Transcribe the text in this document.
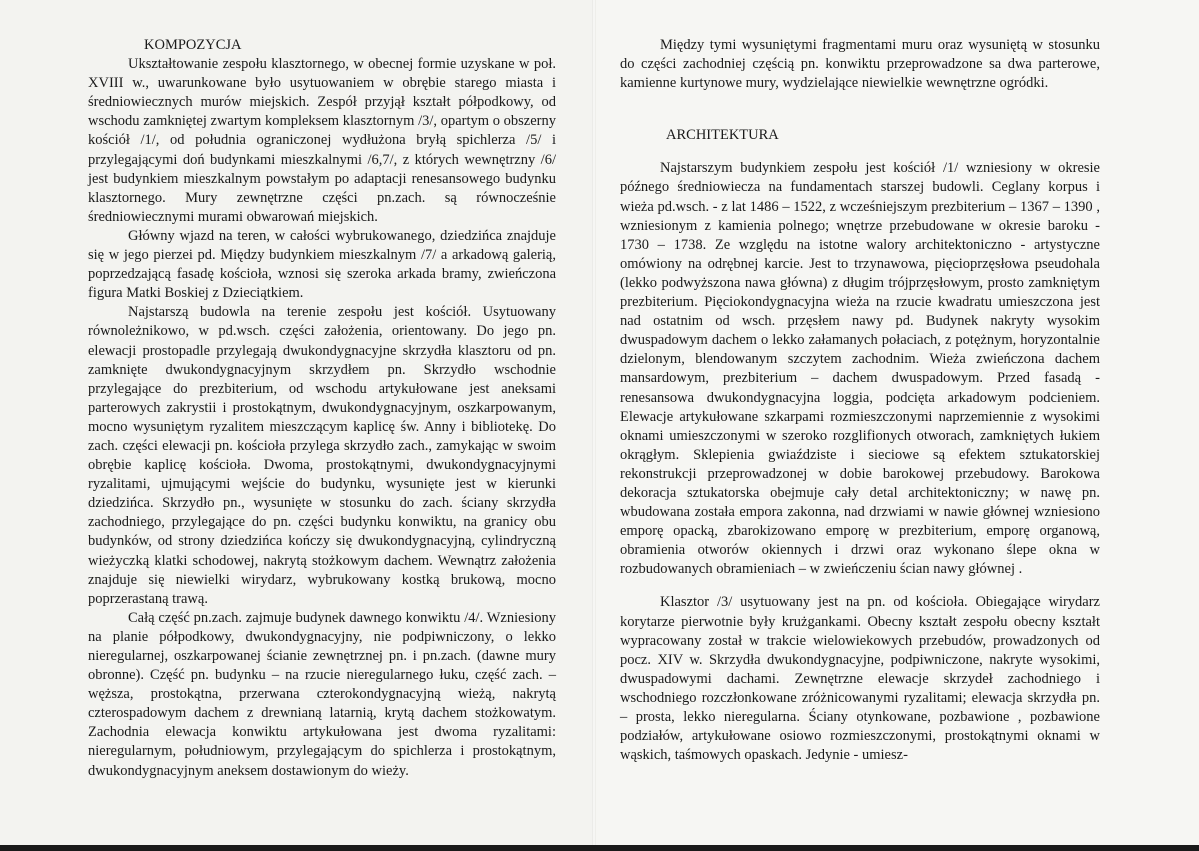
KOMPOZYCJA

Ukształtowanie zespołu klasztornego, w obecnej formie uzyskane w poł. XVIII w., uwarunkowane było usytuowaniem w obrębie starego miasta i średniowiecznych murów miejskich. Zespół przyjął kształt półpodkowy, od wschodu zamkniętej zwartym kompleksem klasztornym /3/, opartym o obszerny kościół /1/, od południa ograniczonej wydłużona bryłą spichlerza /5/ i przylegającymi doń budynkami mieszkalnymi /6,7/, z których wewnętrzny /6/ jest budynkiem mieszkalnym powstałym po adaptacji renesansowego budynku klasztornego. Mury zewnętrzne części pn.zach. są równocześnie średniowiecznymi murami obwarowań miejskich.

Główny wjazd na teren, w całości wybrukowanego, dziedzińca znajduje się w jego pierzei pd. Między budynkiem mieszkalnym /7/ a arkadową galerią, poprzedzającą fasadę kościoła, wznosi się szeroka arkada bramy, zwieńczona figura Matki Boskiej z Dzieciątkiem.

Najstarszą budowla na terenie zespołu jest kościół. Usytuowany równoleżnikowo, w pd.wsch. części założenia, orientowany. Do jego pn. elewacji prostopadle przylegają dwukondygnacyjne skrzydła klasztoru od pn. zamknięte dwukondygnacyjnym skrzydłem pn. Skrzydło wschodnie przylegające do prezbiterium, od wschodu artykułowane jest aneksami parterowych zakrystii i prostokątnym, dwukondygnacyjnym, oszkarpowanym, mocno wysuniętym ryzalitem mieszczącym kaplicę św. Anny i bibliotekę. Do zach. części elewacji pn. kościoła przylega skrzydło zach., zamykając w swoim obrębie kaplicę kościoła. Dwoma, prostokątnymi, dwukondygnacyjnymi ryzalitami, ujmującymi wejście do budynku, wysunięte jest w kierunki dziedzińca. Skrzydło pn., wysunięte w stosunku do zach. ściany skrzydła zachodniego, przylegające do pn. części budynku konwiktu, na granicy obu budynków, od strony dziedzińca kończy się dwukondygnacyjną, cylindryczną wieżyczką klatki schodowej, nakrytą stożkowym dachem. Wewnątrz założenia znajduje się niewielki wirydarz, wybrukowany kostką brukową, mocno poprzerastaną trawą.

Całą część pn.zach. zajmuje budynek dawnego konwiktu /4/. Wzniesiony na planie półpodkowy, dwukondygnacyjny, nie podpiwniczony, o lekko nieregularnej, oszkarpowanej ścianie zewnętrznej pn. i pn.zach. (dawne mury obronne). Część pn. budynku – na rzucie nieregularnego łuku, część zach. – węższa, prostokątna, przerwana czterokondygnacyjną wieżą, nakrytą czterospadowym dachem z drewnianą latarnią, krytą dachem stożkowatym. Zachodnia elewacja konwiktu artykułowana jest dwoma ryzalitami: nieregularnym, południowym, przylegającym do spichlerza i prostokątnym, dwukondygnacyjnym aneksem dostawionym do wieży.

Między tymi wysuniętymi fragmentami muru oraz wysuniętą w stosunku do części zachodniej częścią pn. konwiktu przeprowadzone sa dwa parterowe, kamienne kurtynowe mury, wydzielające niewielkie wewnętrzne ogródki.

ARCHITEKTURA

Najstarszym budynkiem zespołu jest kościół /1/ wzniesiony w okresie późnego średniowiecza na fundamentach starszej budowli. Ceglany korpus i wieża pd.wsch. - z lat 1486 – 1522, z wcześniejszym prezbiterium – 1367 – 1390 , wzniesionym z kamienia polnego; wnętrze przebudowane w okresie baroku - 1730 – 1738. Ze względu na istotne walory architektoniczno - artystyczne omówiony na odrębnej karcie. Jest to trzynawowa, pięcioprzęsłowa pseudohala (lekko podwyższona nawa główna) z długim trójprzęsłowym, prosto zamkniętym prezbiterium. Pięciokondygnacyjna wieża na rzucie kwadratu umieszczona jest nad ostatnim od wsch. przęsłem nawy pd. Budynek nakryty wysokim dwuspadowym dachem o lekko załamanych połaciach, z potężnym, horyzontalnie dzielonym, blendowanym szczytem zachodnim. Wieża zwieńczona dachem mansardowym, prezbiterium – dachem dwuspadowym. Przed fasadą - renesansowa dwukondygnacyjna loggia, podcięta arkadowym podcieniem. Elewacje artykułowane szkarpami rozmieszczonymi naprzemiennie z wysokimi oknami umieszczonymi w szeroko rozglifionych otworach, zamkniętych łukiem okrągłym. Sklepienia gwiaździste i sieciowe są efektem sztukatorskiej rekonstrukcji przeprowadzonej w dobie barokowej przebudowy. Barokowa dekoracja sztukatorska obejmuje cały detal architektoniczny; w nawę pn. wbudowana została empora zakonna, nad drzwiami w nawie głównej wzniesiono emporę opacką, zbarokizowano emporę w prezbiterium, emporę organową, obramienia otworów okiennych i drzwi oraz wykonano ślepe okna w rozbudowanych obramieniach – w zwieńczeniu ścian nawy głównej .

Klasztor /3/ usytuowany jest na pn. od kościoła. Obiegające wirydarz korytarze pierwotnie były krużgankami. Obecny kształt zespołu obecny kształt wypracowany został w trakcie wielowiekowych przebudów, prowadzonych od pocz. XIV w. Skrzydła dwukondygnacyjne, podpiwniczone, nakryte wysokimi, dwuspadowymi dachami. Zewnętrzne elewacje skrzydeł zachodniego i wschodniego rozczłonkowane zróżnicowanymi ryzalitami; elewacja skrzydła pn. – prosta, lekko nieregularna. Ściany otynkowane, pozbawione , pozbawione podziałów, artykułowane osiowo rozmieszczonymi, prostokątnymi oknami w wąskich, taśmowych opaskach. Jedynie - umiesz-
